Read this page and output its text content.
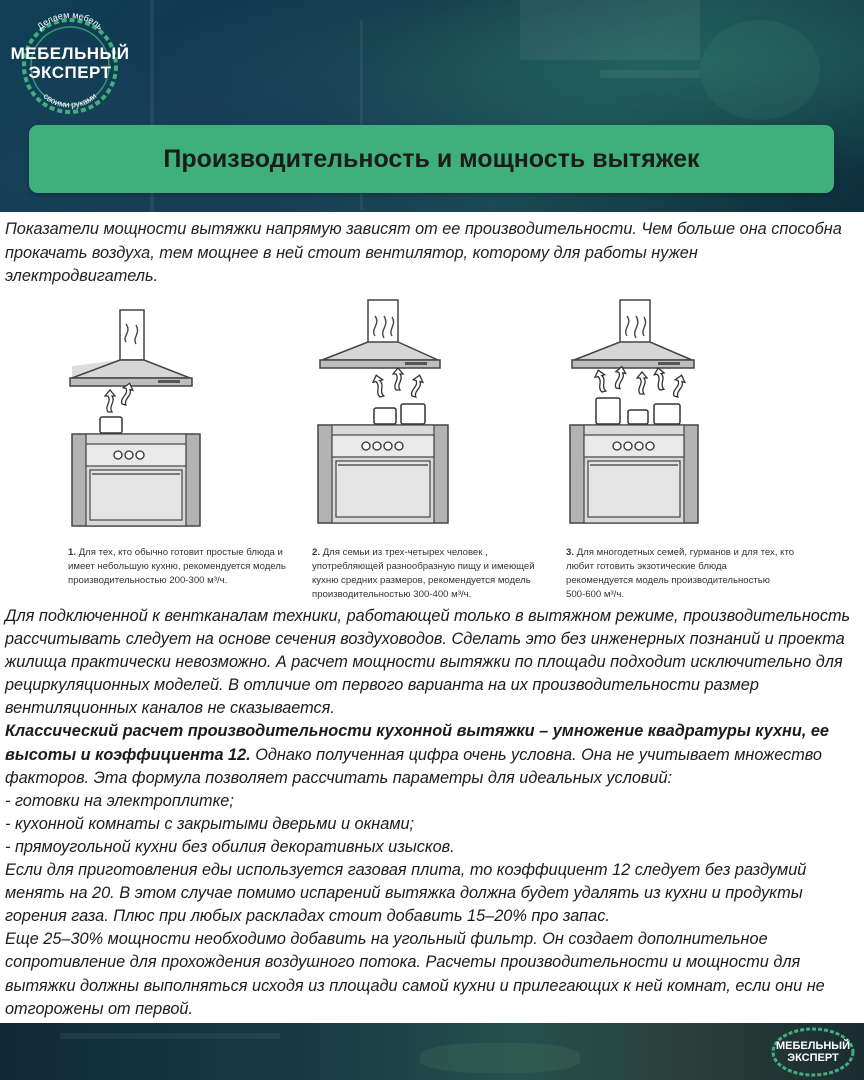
Делаем мебель
своими руками
МЕБЕЛЬНЫЙ
ЭКСПЕРТ
Производительность и мощность вытяжек

Показатели мощности вытяжки напрямую зависят от ее производительности. Чем больше она способна прокачать воздуха, тем мощнее в ней стоит вентилятор, которому для работы нужен электродвигатель.

1. Для тех, кто обычно готовит простые блюда и
имеет небольшую кухню, рекомендуется модель
производительностью 200-300 м³/ч.
2. Для семьи из трех-четырех человек ,
употребляющей разнообразную пищу и имеющей
кухню средних размеров, рекомендуется модель
производительностью 300-400 м³/ч.
3. Для многодетных семей, гурманов и для тех, кто
любит готовить экзотические блюда
рекомендуется модель производительностью
500-600 м³/ч.

Для подключенной к вентканалам техники, работающей только в вытяжном режиме, производительность рассчитывать следует на основе сечения воздуховодов. Сделать это без инженерных познаний и проекта жилища практически невозможно. А расчет мощности вытяжки по площади подходит исключительно для рециркуляционных моделей. В отличие от первого варианта на их производительности размер вентиляционных каналов не сказывается.

Классический расчет производительности кухонной вытяжки – умножение квадратуры кухни, ее высоты и коэффициента 12. Однако полученная цифра очень условна. Она не учитывает множество факторов. Эта формула позволяет рассчитать параметры для идеальных условий:

- готовки на электроплитке;

- кухонной комнаты с закрытыми дверьми и окнами;

- прямоугольной кухни без обилия декоративных изысков.

Если для приготовления еды используется газовая плита, то коэффициент 12 следует без раздумий менять на 20. В этом случае помимо испарений вытяжка должна будет удалять из кухни и продукты горения газа. Плюс при любых раскладах стоит добавить 15–20% про запас.

Еще 25–30% мощности необходимо добавить на угольный фильтр. Он создает дополнительное сопротивление для прохождения воздушного потока. Расчеты производительности и мощности для вытяжки должны выполняться исходя из площади самой кухни и прилегающих к ней комнат, если они не отгорожены от первой.

МЕБЕЛЬНЫЙ
ЭКСПЕРТ
